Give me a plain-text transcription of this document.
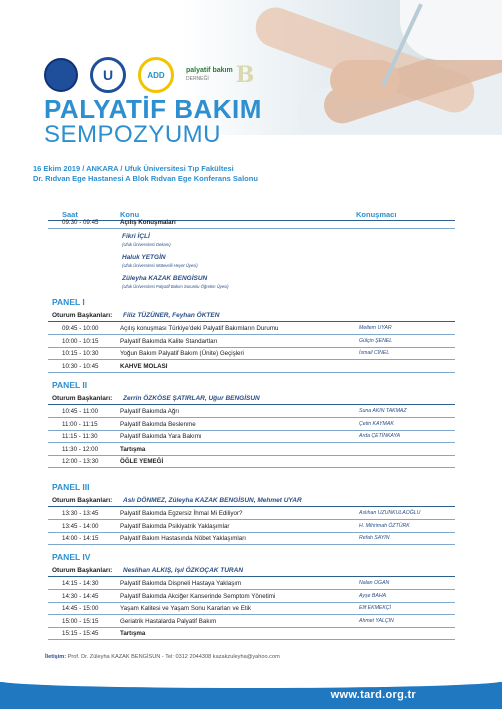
U	ADD	palyatif bakım
DERNEĞİ	B
PALYATİF BAKIM
SEMPOZYUMU
16 Ekim 2019 / ANKARA / Ufuk Üniversitesi Tıp Fakültesi
Dr. Rıdvan Ege Hastanesi A Blok Rıdvan Ege Konferans Salonu
Saat	Konu	Konuşmacı
İletişim: Prof. Dr. Züleyha KAZAK BENGİSUN - Tel: 0312 2044308 kazakzuleyha@yahoo.com
www.tard.org.tr
09:30 - 09:45	Açılış Konuşmaları
Fikri İÇLİ
(Ufuk Üniversitesi Dekanı)
Haluk YETGİN
(Ufuk Üniversitesi Mütevelli Heyet Üyesi)
Züleyha KAZAK BENGİSUN
(Ufuk Üniversitesi Palyatif Bakım Sorumlu Öğretim Üyesi)
PANEL I
Oturum Başkanları: Filiz TÜZÜNER, Feyhan ÖKTEN
09:45 - 10:00	Açılış konuşması Türkiye’deki Palyatif Bakımların Durumu	Meltem UYAR
10:00 - 10:15	Palyatif Bakımda Kalite Standartları	Gülçin ŞENEL
10:15 - 10:30	Yoğun Bakım Palyatif Bakım (Ünite) Geçişleri	İsmail CİNEL
10:30 - 10:45	KAHVE MOLASI
PANEL II
Oturum Başkanları: Zerrin ÖZKÖSE ŞATIRLAR, Uğur BENGİSUN
10:45 - 11:00	Palyatif Bakımda Ağrı	Suna AKIN TAKMAZ
11:00 - 11:15	Palyatif Bakımda Beslenme	Çetin KAYMAK
11:15 - 11:30	Palyatif Bakımda Yara Bakımı	Arda ÇETİNKAYA
11:30 - 12:00	Tartışma
12:00 - 13:30	ÖĞLE YEMEĞİ
PANEL III
Oturum Başkanları: Aslı DÖNMEZ, Züleyha KAZAK BENGİSUN, Mehmet UYAR
13:30 - 13:45	Palyatif Bakımda Egzersiz İhmal Mi Ediliyor?	Aslıhan UZUNKULAOĞLU
13:45 - 14:00	Palyatif Bakımda Psikiyatrik Yaklaşımlar	H. Mihrimah ÖZTÜRK
14:00 - 14:15	Palyatif Bakım Hastasında Nöbet Yaklaşımları	Refah SAYIN
PANEL IV
Oturum Başkanları: Neslihan ALKIŞ, Işıl ÖZKOÇAK TURAN
14:15 - 14:30	Palyatif Bakımda Dispneli Hastaya Yaklaşım	Nalan OGAN
14:30 - 14:45	Palyatif Bakımda Akciğer Kanserinde Semptom Yönetimi	Ayşe BAHA
14:45 - 15:00	Yaşam Kalitesi ve Yaşam Sonu Kararları ve Etik	Elif EKMEKÇİ
15:00 - 15:15	Geriatrik Hastalarda Palyatif Bakım	Ahmet YALÇIN
15:15 - 15:45	Tartışma
